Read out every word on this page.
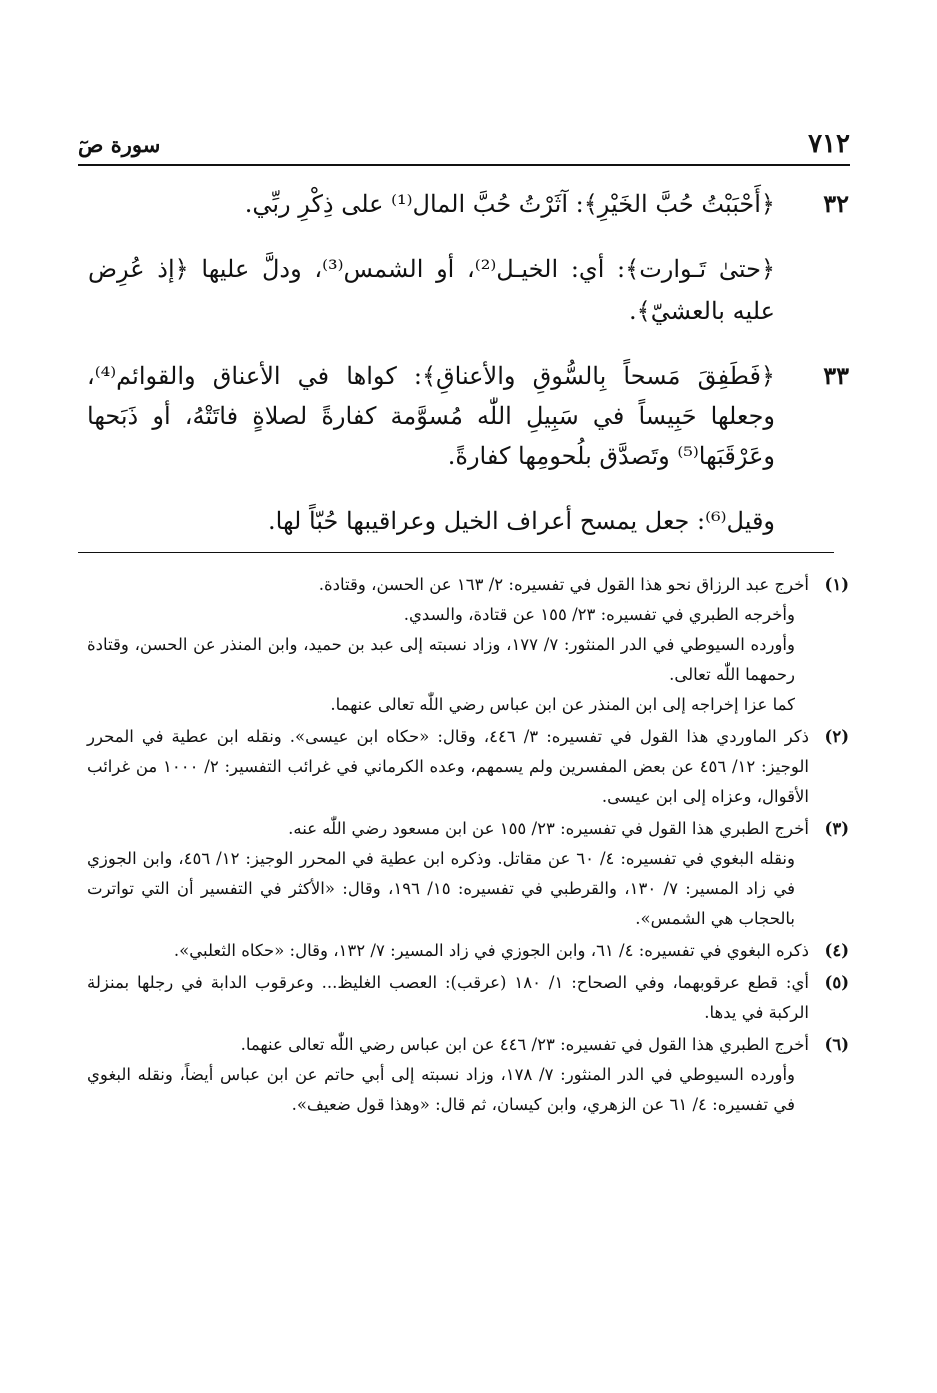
٧١٢
سورة صٓ
٣٢
﴿أَحْبَبْتُ حُبَّ الخَيْرِ﴾: آثَرْتُ حُبَّ المال⁽¹⁾ على ذِكْرِ ربِّي.
﴿حتىٰ تَـوارت﴾: أي: الخيـل⁽²⁾، أو الشمس⁽³⁾، ودلَّ عليها ﴿إذ عُرِض عليه بالعشيّ﴾.
٣٣
﴿فَطَفِقَ مَسحاً بِالسُّوقِ والأعناقِ﴾: كواها في الأعناق والقوائم⁽⁴⁾، وجعلها حَبِيساً في سَبِيلِ اللّٰه مُسوَّمة كفارةً لصلاةٍ فاتَتْهُ، أو ذَبَحها وعَرْقَبَها⁽⁵⁾ وتَصدَّق بلُحومِها كفارةً.
وقيل⁽⁶⁾: جعل يمسح أعراف الخيل وعراقيبها حُبّاً لها.
(١)
أخرج عبد الرزاق نحو هذا القول في تفسيره: ٢/ ١٦٣ عن الحسن، وقتادة.
وأخرجه الطبري في تفسيره: ٢٣/ ١٥٥ عن قتادة، والسدي.
وأورده السيوطي في الدر المنثور: ٧/ ١٧٧، وزاد نسبته إلى عبد بن حميد، وابن المنذر عن الحسن، وقتادة رحمهما اللّٰه تعالى.
كما عزا إخراجه إلى ابن المنذر عن ابن عباس رضي اللّٰه تعالى عنهما.
(٢)
ذكر الماوردي هذا القول في تفسيره: ٣/ ٤٤٦، وقال: «حكاه ابن عيسى». ونقله ابن عطية في المحرر الوجيز: ١٢/ ٤٥٦ عن بعض المفسرين ولم يسمهم، وعده الكرماني في غرائب التفسير: ٢/ ١٠٠٠ من غرائب الأقوال، وعزاه إلى ابن عيسى.
(٣)
أخرج الطبري هذا القول في تفسيره: ٢٣/ ١٥٥ عن ابن مسعود رضي اللّٰه عنه.
ونقله البغوي في تفسيره: ٤/ ٦٠ عن مقاتل. وذكره ابن عطية في المحرر الوجيز: ١٢/ ٤٥٦، وابن الجوزي في زاد المسير: ٧/ ١٣٠، والقرطبي في تفسيره: ١٥/ ١٩٦، وقال: «الأكثر في التفسير أن التي تواترت بالحجاب هي الشمس».
(٤)
ذكره البغوي في تفسيره: ٤/ ٦١، وابن الجوزي في زاد المسير: ٧/ ١٣٢، وقال: «حكاه الثعلبي».
(٥)
أي: قطع عرقوبهما، وفي الصحاح: ١/ ١٨٠ (عرقب): العصب الغليظ... وعرقوب الدابة في رجلها بمنزلة الركبة في يدها.
(٦)
أخرج الطبري هذا القول في تفسيره: ٢٣/ ٤٤٦ عن ابن عباس رضي اللّٰه تعالى عنهما.
وأورده السيوطي في الدر المنثور: ٧/ ١٧٨، وزاد نسبته إلى أبي حاتم عن ابن عباس أيضاً، ونقله البغوي في تفسيره: ٤/ ٦١ عن الزهري، وابن كيسان، ثم قال: «وهذا قول ضعيف».
